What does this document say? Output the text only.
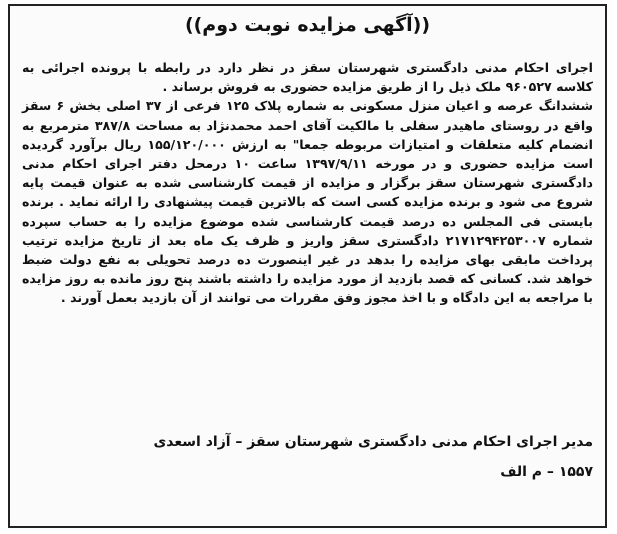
((آگهی مزایده نوبت دوم))

اجرای احکام مدنی دادگستری شهرستان سقز در نظر دارد در رابطه با پرونده اجرائی به کلاسه ۹۶۰۵۲۷ ملک ذیل را از طریق مزایده حضوری به فروش برساند .

ششدانگ عرصه و اعیان منزل مسکونی به شماره پلاک ۱۲۵ فرعی از ۳۷ اصلی بخش ۶ سقز واقع در روستای ماهیدر سفلی با مالکیت آقای احمد محمدنژاد به مساحت ۳۸۷/۸ مترمربع به انضمام کلیه متعلقات و امتیازات مربوطه جمعا" به ارزش ۱۵۵/۱۲۰/۰۰۰ ریال برآورد گردیده است مزایده حضوری و در مورخه ۱۳۹۷/۹/۱۱ ساعت ۱۰ درمحل دفتر اجرای احکام مدنی دادگستری شهرستان سقز برگزار و مزایده از قیمت کارشناسی شده به عنوان قیمت پایه شروع می شود و برنده مزایده کسی است که بالاترین قیمت پیشنهادی را ارائه نماید . برنده بایستی فی المجلس ده درصد قیمت کارشناسی شده موضوع مزایده را به حساب سپرده شماره ۲۱۷۱۲۹۴۲۵۳۰۰۷ دادگستری سقز واریز و ظرف یک ماه بعد از تاریخ مزایده ترتیب پرداخت مابقی بهای مزایده را بدهد در غیر اینصورت ده درصد تحویلی به نفع دولت ضبط خواهد شد. کسانی که قصد بازدید از مورد مزایده را داشته باشند پنج روز مانده به روز مزایده با مراجعه به این دادگاه و با اخذ مجوز وفق مقررات می توانند از آن بازدید بعمل آورند .

مدیر اجرای احکام مدنی دادگستری شهرستان سقز – آزاد اسعدی
۱۵۵۷ – م الف
